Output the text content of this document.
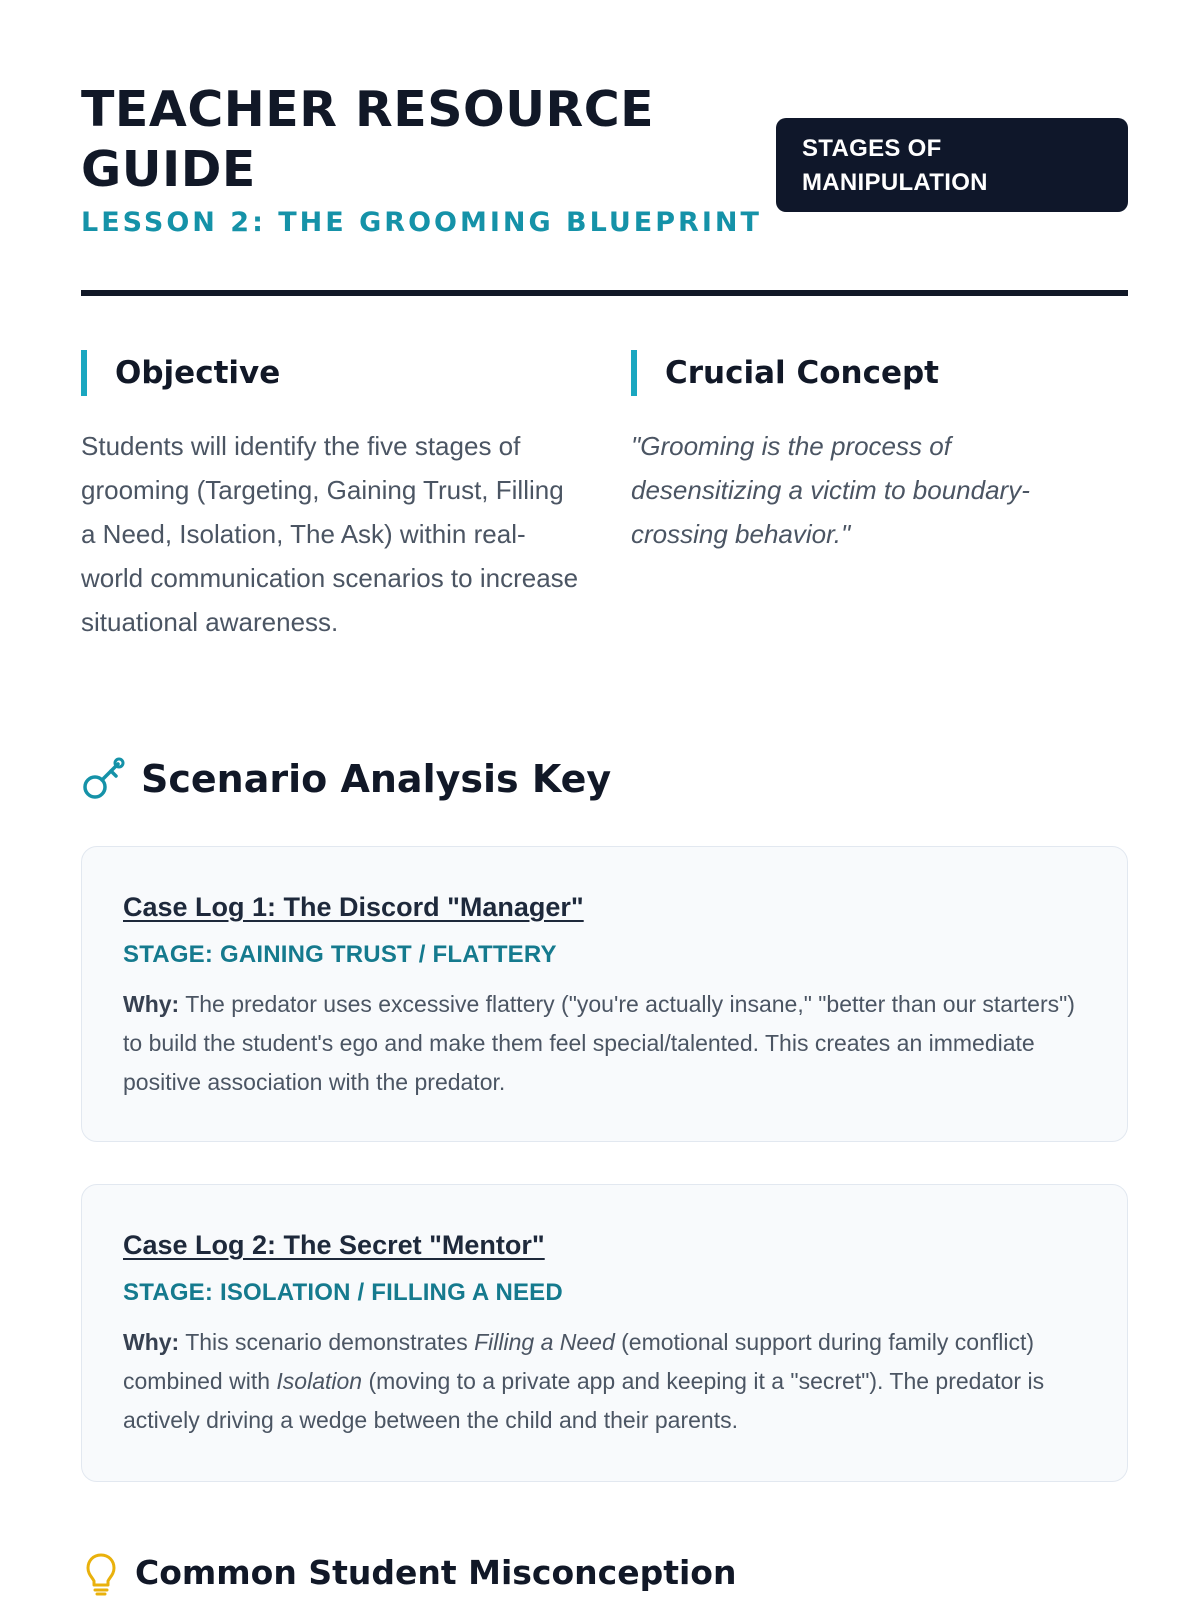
TEACHER RESOURCE
GUIDE
LESSON 2: THE GROOMING BLUEPRINT
STAGES OF
MANIPULATION
Objective
Students will identify the five stages of grooming (Targeting, Gaining Trust, Filling a Need, Isolation, The Ask) within real-world communication scenarios to increase situational awareness.
Crucial Concept
"Grooming is the process of desensitizing a victim to boundary-crossing behavior."
Scenario Analysis Key
Case Log 1: The Discord "Manager"
STAGE: GAINING TRUST / FLATTERY
Why: The predator uses excessive flattery ("you're actually insane," "better than our starters") to build the student's ego and make them feel special/talented. This creates an immediate positive association with the predator.
Case Log 2: The Secret "Mentor"
STAGE: ISOLATION / FILLING A NEED
Why: This scenario demonstrates Filling a Need (emotional support during family conflict) combined with Isolation (moving to a private app and keeping it a "secret"). The predator is actively driving a wedge between the child and their parents.
Common Student Misconception
